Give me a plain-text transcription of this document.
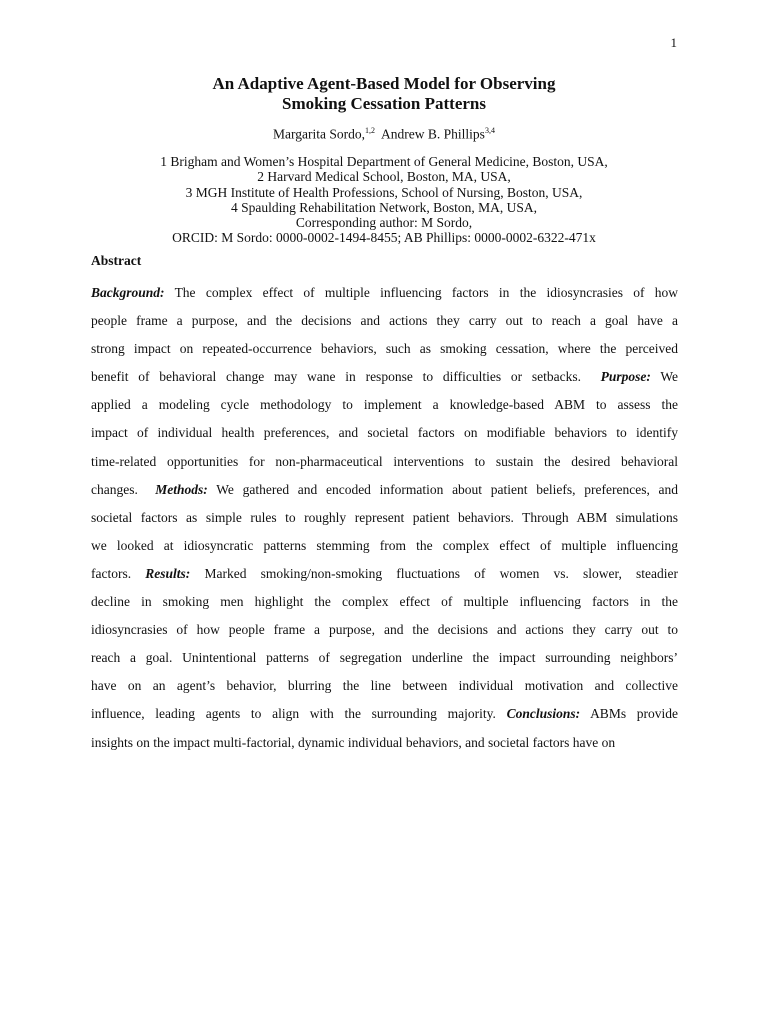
1
An Adaptive Agent-Based Model for Observing
Smoking Cessation Patterns
Margarita Sordo,$^{1,2}$ Andrew B. Phillips$^{3,4}$
1 Brigham and Women’s Hospital Department of General Medicine, Boston, USA,
2 Harvard Medical School, Boston, MA, USA,
3 MGH Institute of Health Professions, School of Nursing, Boston, USA,
4 Spaulding Rehabilitation Network, Boston, MA, USA,
Corresponding author: M Sordo,
ORCID: M Sordo: 0000-0002-1494-8455; AB Phillips: 0000-0002-6322-471x
Abstract
Background: The complex effect of multiple influencing factors in the idiosyncrasies of how
people frame a purpose, and the decisions and actions they carry out to reach a goal have a
strong impact on repeated-occurrence behaviors, such as smoking cessation, where the perceived
benefit of behavioral change may wane in response to difficulties or setbacks. Purpose: We
applied a modeling cycle methodology to implement a knowledge-based ABM to assess the
impact of individual health preferences, and societal factors on modifiable behaviors to identify
time-related opportunities for non-pharmaceutical interventions to sustain the desired behavioral
changes. Methods: We gathered and encoded information about patient beliefs, preferences, and
societal factors as simple rules to roughly represent patient behaviors. Through ABM simulations
we looked at idiosyncratic patterns stemming from the complex effect of multiple influencing
factors. Results: Marked smoking/non-smoking fluctuations of women vs. slower, steadier
decline in smoking men highlight the complex effect of multiple influencing factors in the
idiosyncrasies of how people frame a purpose, and the decisions and actions they carry out to
reach a goal. Unintentional patterns of segregation underline the impact surrounding neighbors’
have on an agent’s behavior, blurring the line between individual motivation and collective
influence, leading agents to align with the surrounding majority. Conclusions: ABMs provide
insights on the impact multi-factorial, dynamic individual behaviors, and societal factors have on
